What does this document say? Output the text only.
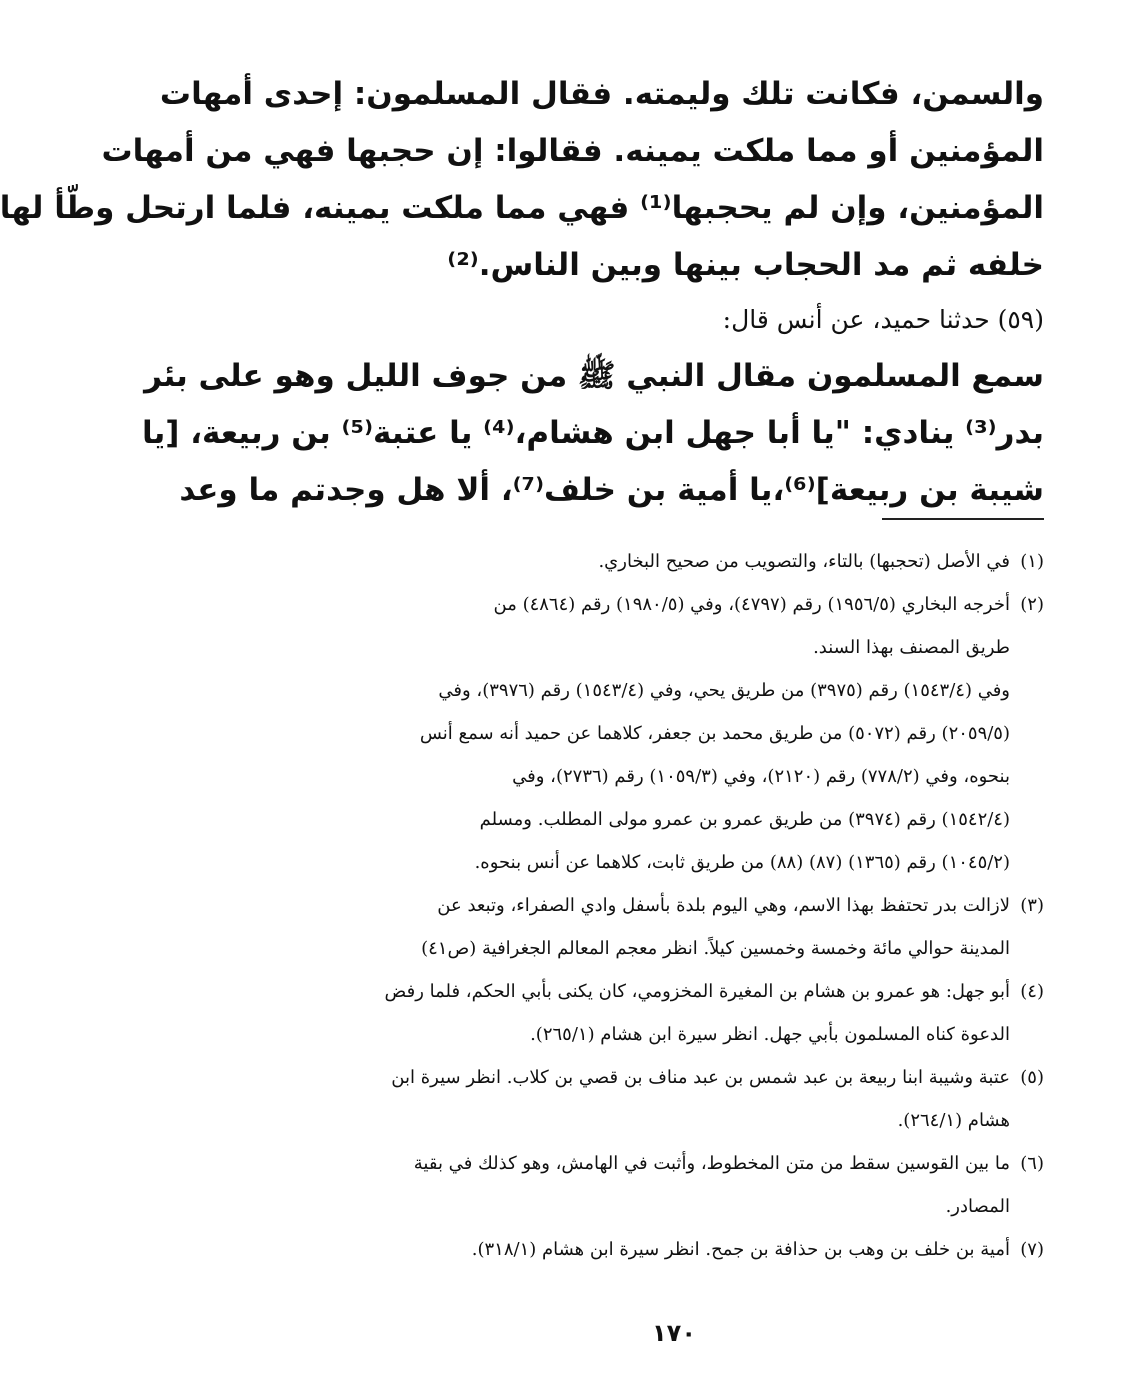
والسمن، فكانت تلك وليمته. فقال المسلمون: إحدى أمهات
المؤمنين أو مما ملكت يمينه. فقالوا: إن حجبها فهي من أمهات
المؤمنين، وإن لم يحجبها⁽¹⁾ فهي مما ملكت يمينه، فلما ارتحل وطّأ لها
خلفه ثم مد الحجاب بينها وبين الناس.⁽²⁾
(٥٩) حدثنا حميد، عن أنس قال:
سمع المسلمون مقال النبي ﷺ من جوف الليل وهو على بئر
بدر⁽³⁾ ينادي: "يا أبا جهل ابن هشام،⁽⁴⁾ يا عتبة⁽⁵⁾ بن ربيعة، [يا
شيبة بن ربيعة]⁽⁶⁾،يا أمية بن خلف⁽⁷⁾، ألا هل وجدتم ما وعد
(١)
في الأصل (تحجبها) بالتاء، والتصويب من صحيح البخاري.
(٢)
أخرجه البخاري (١٩٥٦/٥) رقم (٤٧٩٧)، وفي (١٩٨٠/٥) رقم (٤٨٦٤) من
طريق المصنف بهذا السند.
وفي (١٥٤٣/٤) رقم (٣٩٧٥) من طريق يحي، وفي (١٥٤٣/٤) رقم (٣٩٧٦)، وفي
(٢٠٥٩/٥) رقم (٥٠٧٢) من طريق محمد بن جعفر، كلاهما عن حميد أنه سمع أنس
بنحوه، وفي (٧٧٨/٢) رقم (٢١٢٠)، وفي (١٠٥٩/٣) رقم (٢٧٣٦)، وفي
(١٥٤٢/٤) رقم (٣٩٧٤) من طريق عمرو بن عمرو مولى المطلب. ومسلم
(١٠٤٥/٢) رقم (١٣٦٥) (٨٧) (٨٨) من طريق ثابت، كلاهما عن أنس بنحوه.
(٣)
لازالت بدر تحتفظ بهذا الاسم، وهي اليوم بلدة بأسفل وادي الصفراء، وتبعد عن
المدينة حوالي مائة وخمسة وخمسين كيلاً. انظر معجم المعالم الجغرافية (ص٤١)
(٤)
أبو جهل: هو عمرو بن هشام بن المغيرة المخزومي، كان يكنى بأبي الحكم، فلما رفض
الدعوة كناه المسلمون بأبي جهل. انظر سيرة ابن هشام (٢٦٥/١).
(٥)
عتبة وشيبة ابنا ربيعة بن عبد شمس بن عبد مناف بن قصي بن كلاب. انظر سيرة ابن
هشام (٢٦٤/١).
(٦)
ما بين القوسين سقط من متن المخطوط، وأثبت في الهامش، وهو كذلك في بقية
المصادر.
(٧)
أمية بن خلف بن وهب بن حذافة بن جمح. انظر سيرة ابن هشام (٣١٨/١).
١٧٠
